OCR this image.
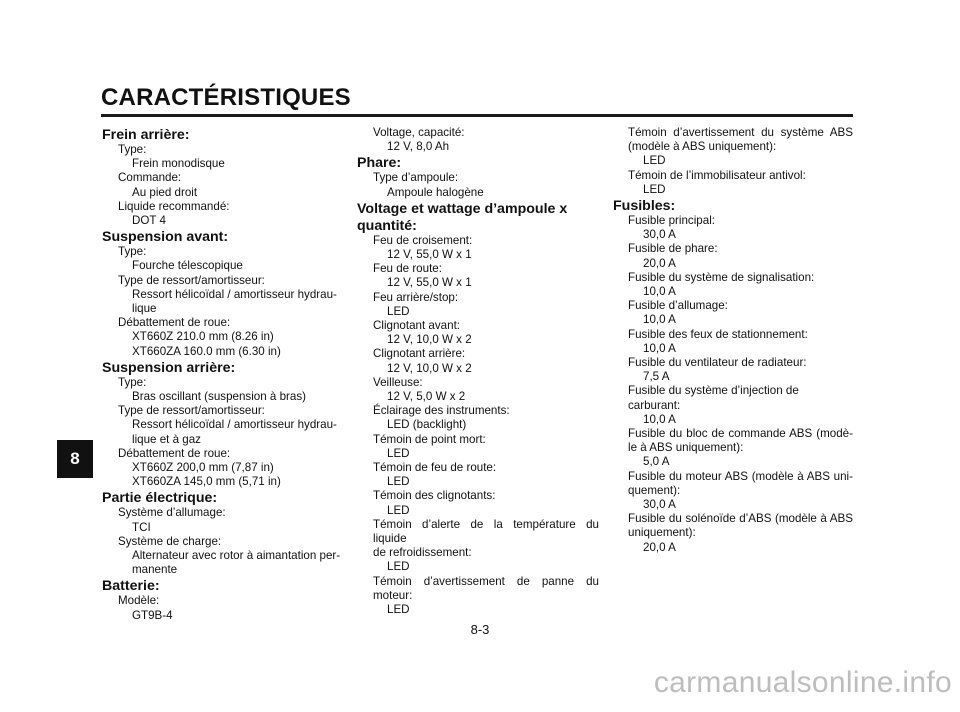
CARACTÉRISTIQUES
8
Frein arrière:
Type:
Frein monodisque
Commande:
Au pied droit
Liquide recommandé:
DOT 4
Suspension avant:
Type:
Fourche télescopique
Type de ressort/amortisseur:
Ressort hélicoïdal / amortisseur hydrau-
lique
Débattement de roue:
XT660Z 210.0 mm (8.26 in)
XT660ZA 160.0 mm (6.30 in)
Suspension arrière:
Type:
Bras oscillant (suspension à bras)
Type de ressort/amortisseur:
Ressort hélicoïdal / amortisseur hydrau-
lique et à gaz
Débattement de roue:
XT660Z 200,0 mm (7,87 in)
XT660ZA 145,0 mm (5,71 in)
Partie électrique:
Système d’allumage:
TCI
Système de charge:
Alternateur avec rotor à aimantation per-
manente
Batterie:
Modèle:
GT9B-4
Voltage, capacité:
12 V, 8,0 Ah
Phare:
Type d’ampoule:
Ampoule halogène
Voltage et wattage d’ampoule x
quantité:
Feu de croisement:
12 V, 55,0 W x 1
Feu de route:
12 V, 55,0 W x 1
Feu arrière/stop:
LED
Clignotant avant:
12 V, 10,0 W x 2
Clignotant arrière:
12 V, 10,0 W x 2
Veilleuse:
12 V, 5,0 W x 2
Éclairage des instruments:
LED (backlight)
Témoin de point mort:
LED
Témoin de feu de route:
LED
Témoin des clignotants:
LED
Témoin d’alerte de la température du liquide
de refroidissement:
LED
Témoin d’avertissement de panne du
moteur:
LED
Témoin d’avertissement du système ABS
(modèle à ABS uniquement):
LED
Témoin de l’immobilisateur antivol:
LED
Fusibles:
Fusible principal:
30,0 A
Fusible de phare:
20,0 A
Fusible du système de signalisation:
10,0 A
Fusible d’allumage:
10,0 A
Fusible des feux de stationnement:
10,0 A
Fusible du ventilateur de radiateur:
7,5 A
Fusible du système d’injection de carburant:
10,0 A
Fusible du bloc de commande ABS (modè-
le à ABS uniquement):
5,0 A
Fusible du moteur ABS (modèle à ABS uni-
quement):
30,0 A
Fusible du solénoïde d’ABS (modèle à ABS
uniquement):
20,0 A
8-3
carmanualsonline.info
